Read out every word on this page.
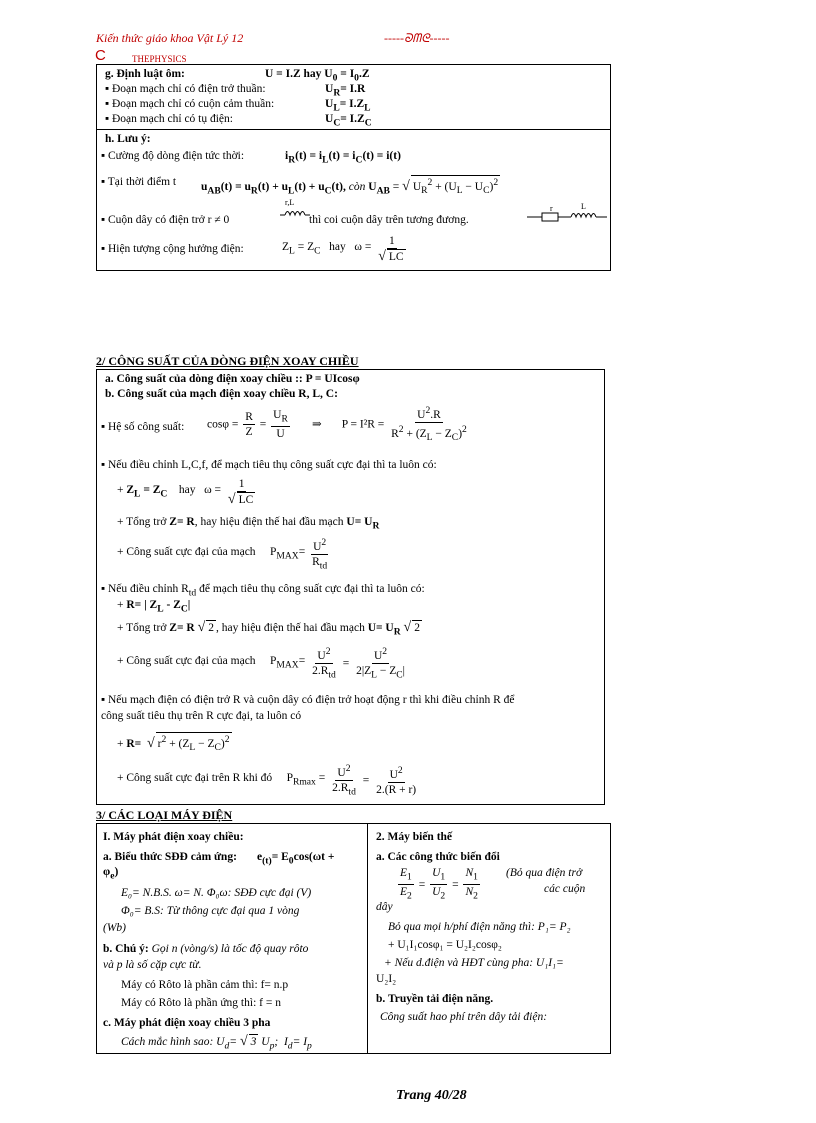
Kiến thức giáo khoa Vật Lý 12	-----ᘐᗰᘓ-----
C	THEPHYSICS
g. Định luật ôm:	U = I.Z hay $U_0 = I_0.Z$
▪ Đoạn mạch chỉ có điện trở thuần:	$U_R= I.R$
▪ Đoạn mạch chỉ có cuộn cảm thuần:	$U_L= I.Z_L$
▪ Đoạn mạch chỉ có tụ điện:	$U_C= I.Z_C$
h. Lưu ý:
▪ Cường độ dòng điện tức thời:	$i_R(t) = i_L(t) = i_C(t) = i(t)$
▪ Tại thời điểm t $u_{AB}(t) = u_R(t) + u_L(t) + u_C(t)$, còn $U_{AB}$ = √ $U_R^2 + (U_L - U_C)^2$
▪ Cuộn dây có điện trở r ≠ 0
r,L
thì coi cuộn dây trên tương đương.
r	L
▪ Hiện tượng cộng hưởng điện:	$Z_L = Z_C$   hay   $\omega = \frac{1}{√ LC}$
2/ CÔNG SUẤT CỦA DÒNG ĐIỆN XOAY CHIỀU
a. Công suất của dòng điện xoay chiều :: P = UIcosφ
b. Công suất của mạch điện xoay chiều R, L, C:
▪ Hệ số công suất: $\cos\varphi = \frac{R}{Z} = \frac{U_R}{U}$ ⇒       $P = I^2R = \frac{U^2.R}{R^2 + (Z_L - Z_C)^2}$
▪ Nếu điều chỉnh L,C,f, để mạch tiêu thụ công suất cực đại thì ta luôn có:
+ $Z_L = Z_C$    hay   $\omega = \frac{1}{√ LC}$
+ Tổng trở Z= R, hay hiệu điện thế hai đầu mạch $U= U_R$
+ Công suất cực đại của mạch     $P_{MAX}= \frac{U^2}{R_{td}}$
▪ Nếu điều chỉnh $R_{td}$ để mạch tiêu thụ công suất cực đại thì ta luôn có:
+ R= | $Z_L - Z_C|$
+ Tổng trở Z= R √ 2 , hay hiệu điện thế hai đầu mạch $U= U_R$ √ 2
+ Công suất cực đại của mạch     $P_{MAX}= \frac{U^2}{2.R_{td}} = \frac{U^2}{2|Z_L - Z_C|}$
▪ Nếu mạch điện có điện trở R và cuộn dây có điện trở hoạt động r thì khi điều chỉnh R để
công suất tiêu thụ trên R cực đại, ta luôn có
+ R= √ $r^2 + (Z_L - Z_C)^2$
+ Công suất cực đại trên R khi đó     $P_{Rmax} = \frac{U^2}{2.R_{td}} = \frac{U^2}{2.(R + r)}$
3/ CÁC LOẠI MÁY ĐIỆN
I. Máy phát điện xoay chiều:
a. Biểu thức SĐĐ cảm ứng: $e_{(t)}= E_0\cos(\omega t$ +
$\varphi_e$)
E₀= N.B.S. ω= N. Φ₀ω: SĐĐ cực đại (V)
Φ₀= B.S: Từ thông cực đại qua 1 vòng
(Wb)
b. Chú ý: Gọi n (vòng/s) là tốc độ quay rôto
và p là số cặp cực từ.
Máy có Rôto là phần cảm thì: f= n.p
Máy có Rôto là phần ứng thì: f = n
c. Máy phát điện xoay chiều 3 pha
Cách mắc hình sao: $U_d=$ √ 3 $U_p$;  $I_d= I_p$
2. Máy biến thế
a. Các công thức biến đổi
$\frac{E_1}{E_2} = \frac{U_1}{U_2} = \frac{N_1}{N_2}$ (Bỏ qua điện trở
các cuộn
dây
Bỏ qua mọi h/phí điện năng thì: P₁= P₂
+ U₁I₁cosφ₁ = U₂I₂cosφ₂
+ Nếu d.điện và HĐT cùng pha: U₁I₁=
U₂I₂
b. Truyền tải điện năng.
Công suất hao phí trên dây tải điện:
Trang 40/28
